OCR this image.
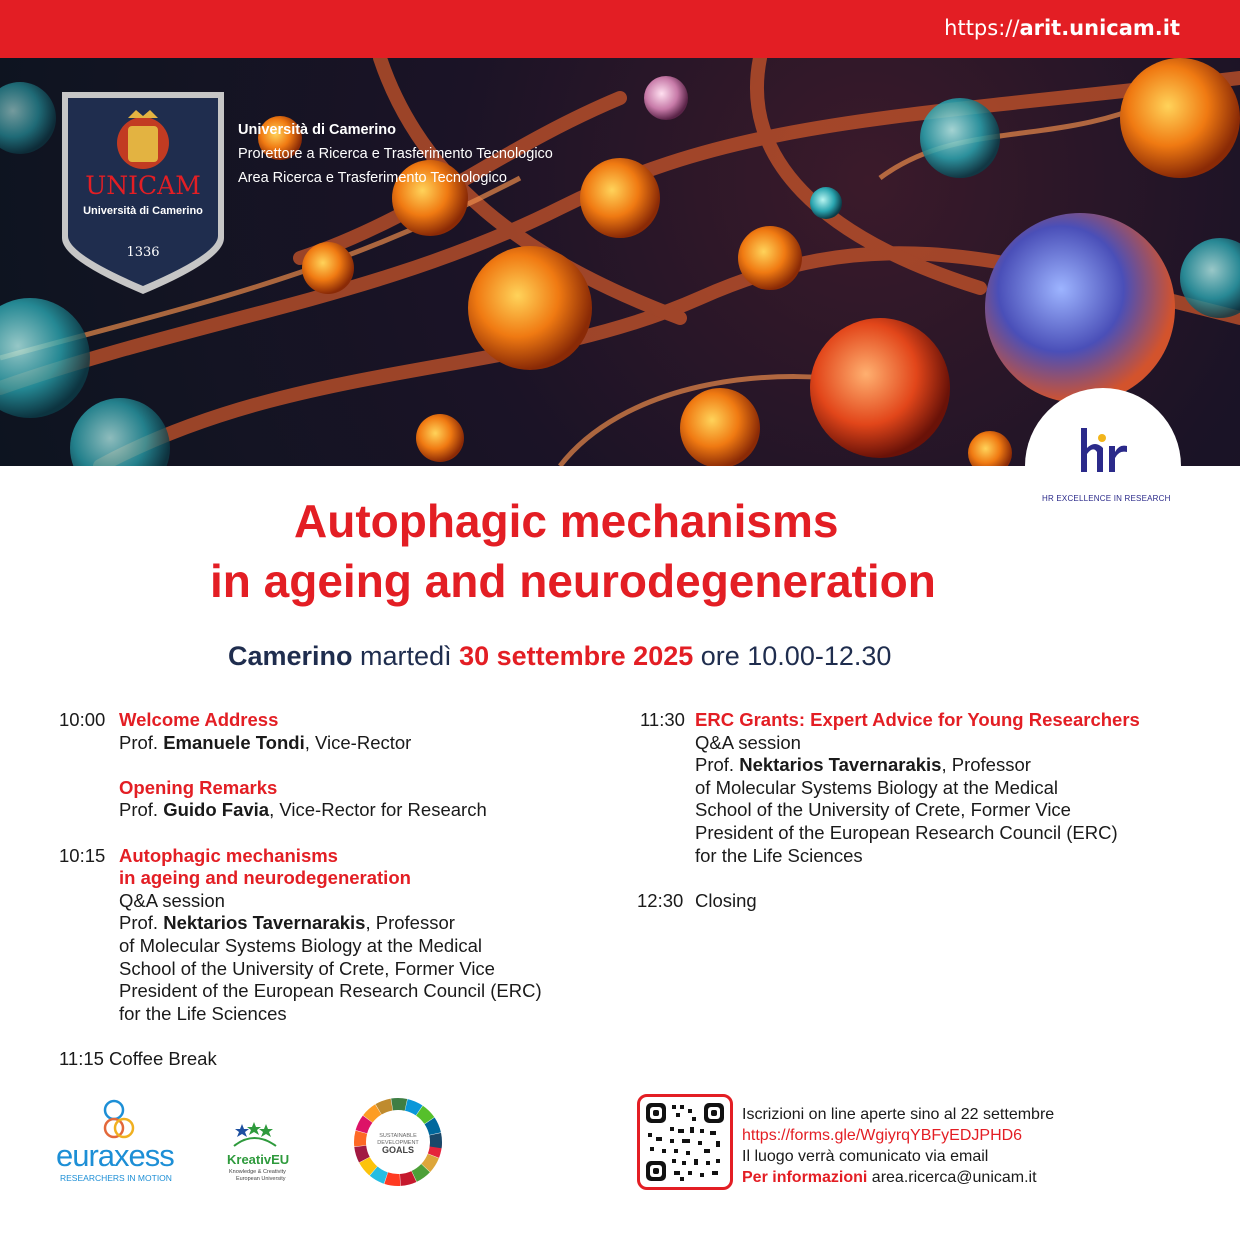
https://arit.unicam.it
UNICAM
Università di Camerino
1336
Università di Camerino
Prorettore a Ricerca e Trasferimento Tecnologico
Area Ricerca e Trasferimento Tecnologico
HR EXCELLENCE IN RESEARCH
Autophagic mechanisms
in ageing and neurodegeneration
Camerino martedì 30 settembre 2025 ore 10.00-12.30
10:00 Welcome Address
Prof. Emanuele Tondi, Vice-Rector
Opening Remarks
Prof. Guido Favia, Vice-Rector for Research
10:15 Autophagic mechanisms
in ageing and neurodegeneration
Q&A session
Prof. Nektarios Tavernarakis, Professor
of Molecular Systems Biology at the Medical
School of the University of Crete, Former Vice
President of the European Research Council (ERC)
for the Life Sciences
11:15 Coffee Break
11:30 ERC Grants: Expert Advice for Young Researchers
Q&A session
Prof. Nektarios Tavernarakis, Professor
of Molecular Systems Biology at the Medical
School of the University of Crete, Former Vice
President of the European Research Council (ERC)
for the Life Sciences
12:30 Closing
euraxess
RESEARCHERS IN MOTION
KreativEU
Knowledge & Creativity
European University
SUSTAINABLE
DEVELOPMENT
GOALS
Iscrizioni on line aperte sino al 22 settembre
https://forms.gle/WgiyrqYBFyEDJPHD6
Il luogo verrà comunicato via email
Per informazioni area.ricerca@unicam.it
